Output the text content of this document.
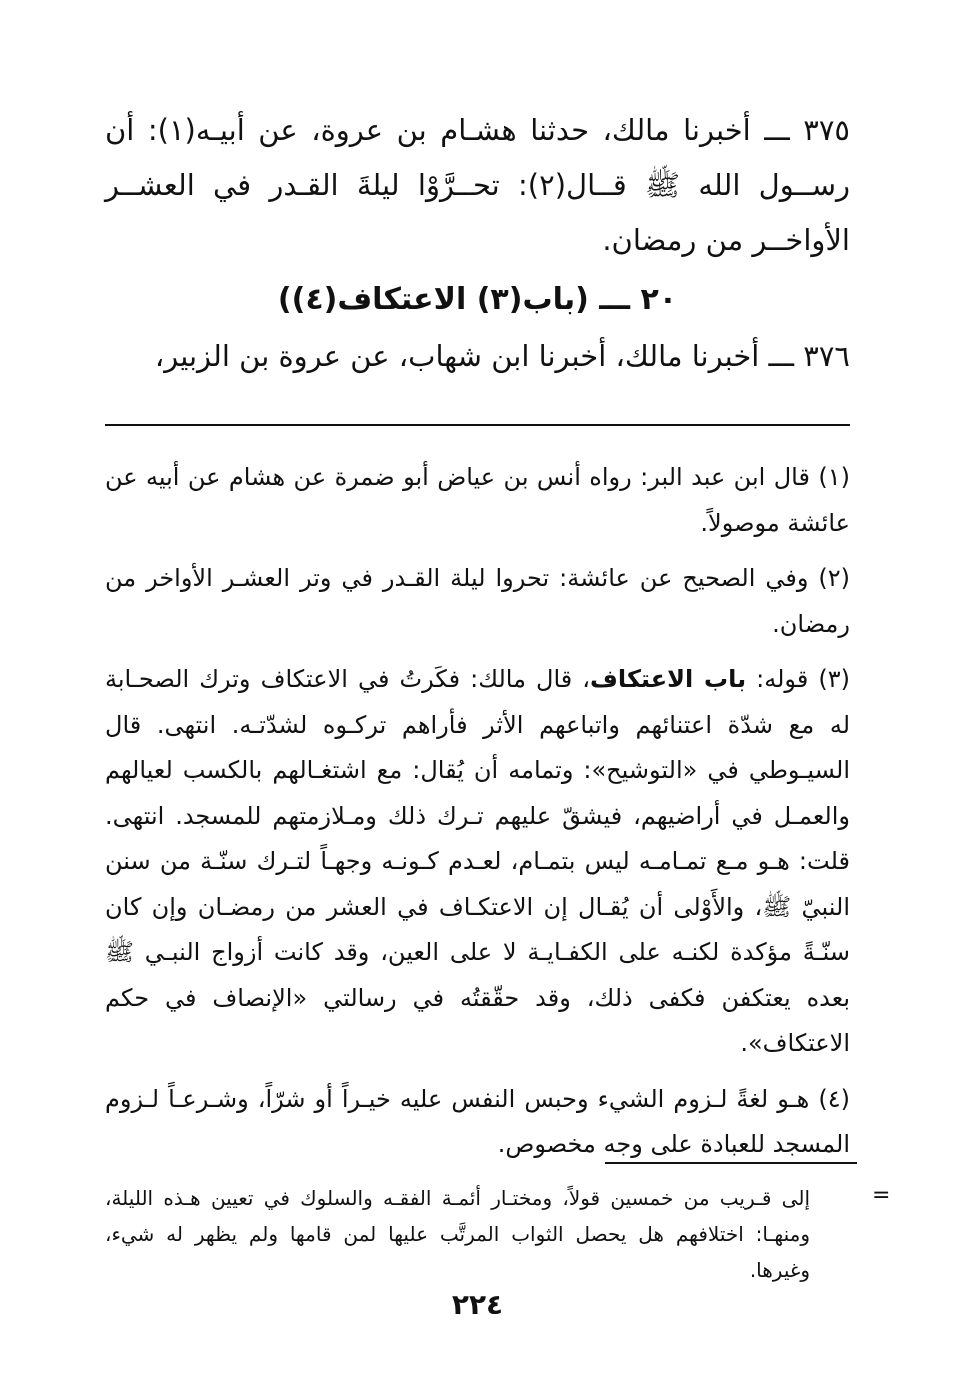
٣٧٥ ـــ أخبرنا مالك، حدثنا هشـام بن عروة، عن أبيـه(١): أن رســول الله ﷺ قــال(٢): تحــرَّوْا ليلةَ القـدر في العشــر الأواخــر من رمضان.

٢٠ ـــ (باب(٣) الاعتكاف(٤))

٣٧٦ ـــ أخبرنا مالك، أخبرنا ابن شهاب، عن عروة بن الزبير،

(١) قال ابن عبد البر: رواه أنس بن عياض أبو ضمرة عن هشام عن أبيه عن عائشة موصولاً.

(٢) وفي الصحيح عن عائشة: تحروا ليلة القـدر في وتر العشـر الأواخر من رمضان.

(٣) قوله: باب الاعتكاف، قال مالك: فكَرتُ في الاعتكاف وترك الصحـابة له مع شدّة اعتنائهم واتباعهم الأثر فأراهم تركـوه لشدّتـه. انتهى. قال السيـوطي في «التوشيح»: وتمامه أن يُقال: مع اشتغـالهم بالكسب لعيالهم والعمـل في أراضيهم، فيشقّ عليهم تـرك ذلك ومـلازمتهم للمسجد. انتهى. قلت: هـو مـع تمـامـه ليس بتمـام، لعـدم كـونـه وجهـاً لتـرك سنّـة من سنن النبيّ ﷺ، والأَوْلى أن يُقـال إن الاعتكـاف في العشر من رمضـان وإن كان سنّـةً مؤكدة لكنـه على الكفـايـة لا على العين، وقد كانت أزواج النبـي ﷺ بعده يعتكفن فكفى ذلك، وقد حقّقتُه في رسالتي «الإنصاف في حكم الاعتكاف».

(٤) هـو لغةً لـزوم الشيء وحبس النفس عليه خيـراً أو شرّاً، وشـرعـاً لـزوم المسجد للعبادة على وجه مخصوص.

=

إلى قـريب من خمسين قولاً، ومختـار أئمـة الفقـه والسلوك في تعيين هـذه الليلة، ومنهـا: اختلافهم هل يحصل الثواب المرتَّب عليها لمن قامها ولم يظهر له شيء، وغيرها.

٢٢٤
